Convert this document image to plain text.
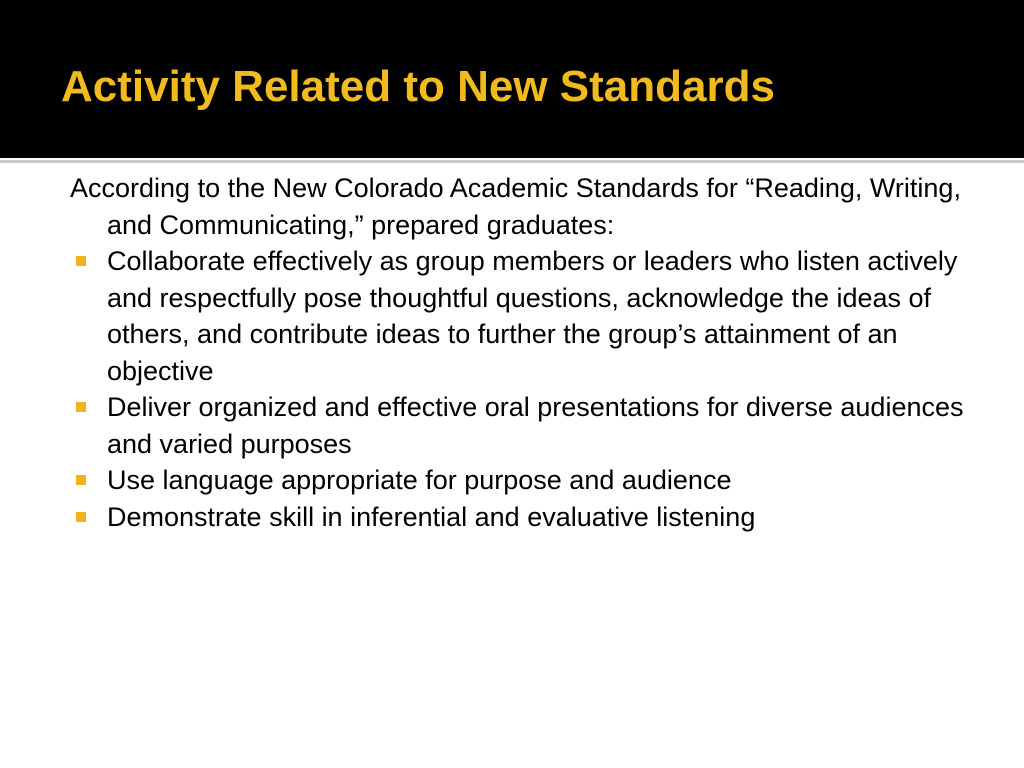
Activity Related to New Standards

According to the New Colorado Academic Standards for “Reading, Writing, and Communicating,” prepared graduates:

Collaborate effectively as group members or leaders who listen actively and respectfully pose thoughtful questions, acknowledge the ideas of others, and contribute ideas to further the group’s attainment of an objective
Deliver organized and effective oral presentations for diverse audiences and varied purposes
Use language appropriate for purpose and audience
Demonstrate skill in inferential and evaluative listening
